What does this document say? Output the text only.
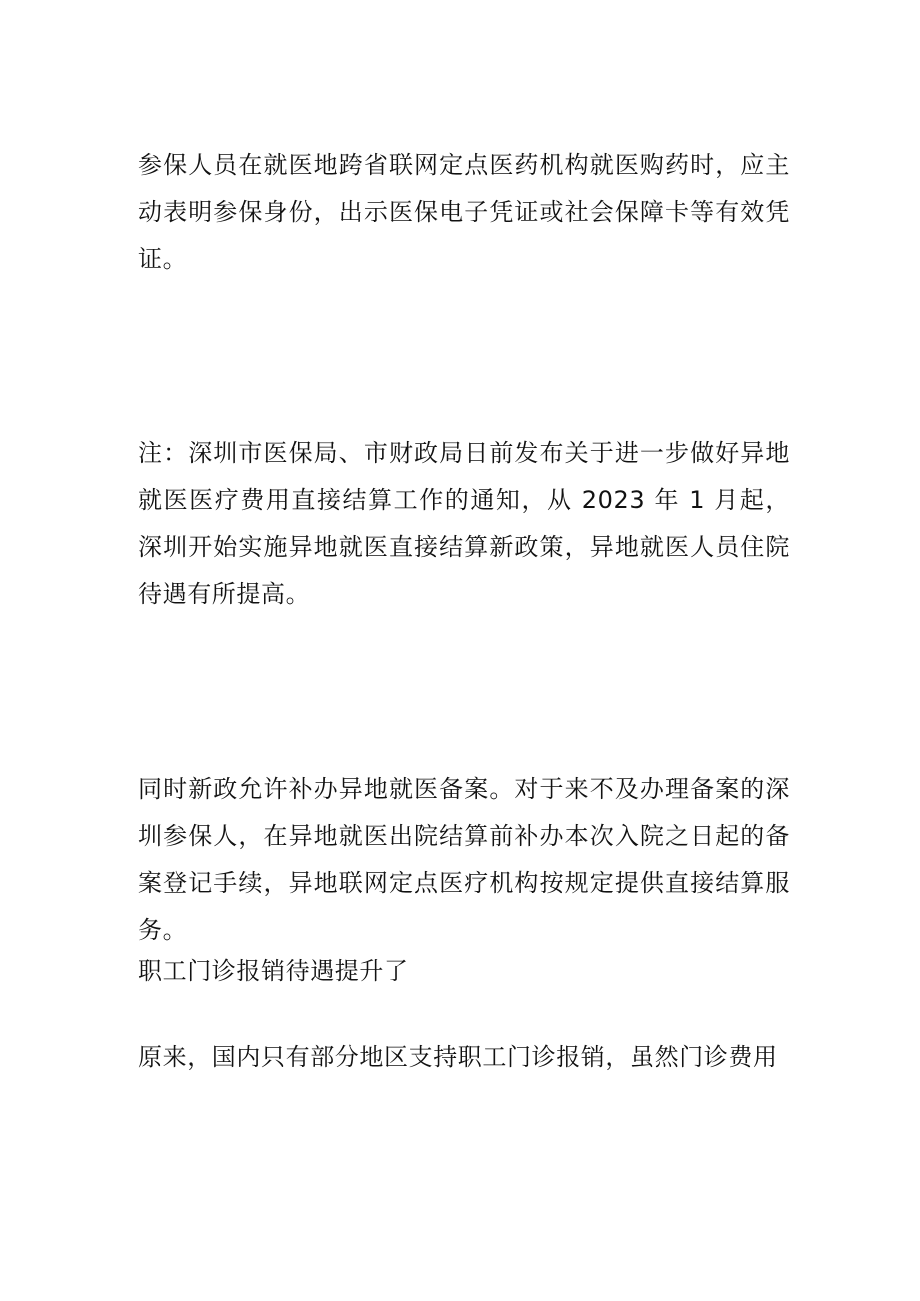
参保人员在就医地跨省联网定点医药机构就医购药时，应主动表明参保身份，出示医保电子凭证或社会保障卡等有效凭证。

注：深圳市医保局、市财政局日前发布关于进一步做好异地就医医疗费用直接结算工作的通知，从 2023 年 1 月起，深圳开始实施异地就医直接结算新政策，异地就医人员住院待遇有所提高。

同时新政允许补办异地就医备案。对于来不及办理备案的深圳参保人，在异地就医出院结算前补办本次入院之日起的备案登记手续，异地联网定点医疗机构按规定提供直接结算服务。

职工门诊报销待遇提升了

原来，国内只有部分地区支持职工门诊报销，虽然门诊费用
